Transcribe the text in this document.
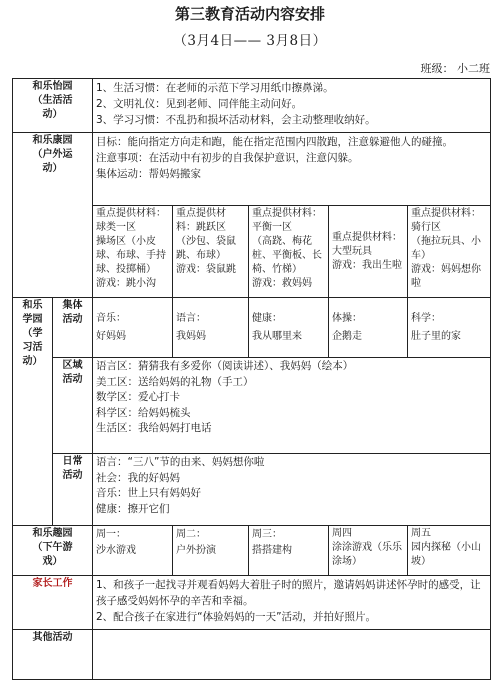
第三教育活动内容安排
（3月4日—— 3月8日）
班级： 小二班
和乐怡园
（生活活
动）		1、生活习惯：在老师的示范下学习用纸巾擦鼻涕。
2、文明礼仪：见到老师、同伴能主动问好。
3、学习习惯：不乱扔和损坏活动材料，会主动整理收纳好。				

和乐康园
（户外运
动）		目标：能向指定方向走和跑，能在指定范围内四散跑，注意躲避他人的碰撞。
注意事项：在活动中有初步的自我保护意识，注意闪躲。
集体运动：帮妈妈搬家				

		重点提供材料：球类一区
操场区（小皮球、布球、手持球、投掷桶）
游戏：跳小沟	重点提供材料：跳跃区
（沙包、袋鼠跳、布球）
游戏：袋鼠跳	重点提供材料：平衡一区
（高跷、梅花桩、平衡板、长椅、竹梯）
游戏：救妈妈	重点提供材料：大型玩具
游戏：我出生啦	重点提供材料：骑行区
（拖拉玩具、小车）
游戏：妈妈想你啦

和乐
学园
（学
习活
动）	集体
活动	音乐：
好妈妈	语言：
我妈妈	健康：
我从哪里来	体操：
企鹅走	科学：
肚子里的家

	区域
活动	语言区：猜猜我有多爱你（阅读讲述）、我妈妈（绘本）
美工区：送给妈妈的礼物（手工）
数学区：爱心打卡
科学区：给妈妈梳头
生活区：我给妈妈打电话				

	日常
活动	语言：“三八”节的由来、妈妈想你啦
社会：我的好妈妈
音乐：世上只有妈妈好
健康：擦开它们				

和乐趣园
（下午游
戏）		周一：
沙水游戏	周二：
户外扮演	周三：
搭搭建构	周四
涂涂游戏（乐乐涂场）	周五
园内探秘（小山坡）

家长工作		1、和孩子一起找寻并观看妈妈大着肚子时的照片，邀请妈妈讲述怀孕时的感受，让孩子感受妈妈怀孕的辛苦和幸福。
2、配合孩子在家进行“体验妈妈的一天”活动，并拍好照片。				

其他活动						
